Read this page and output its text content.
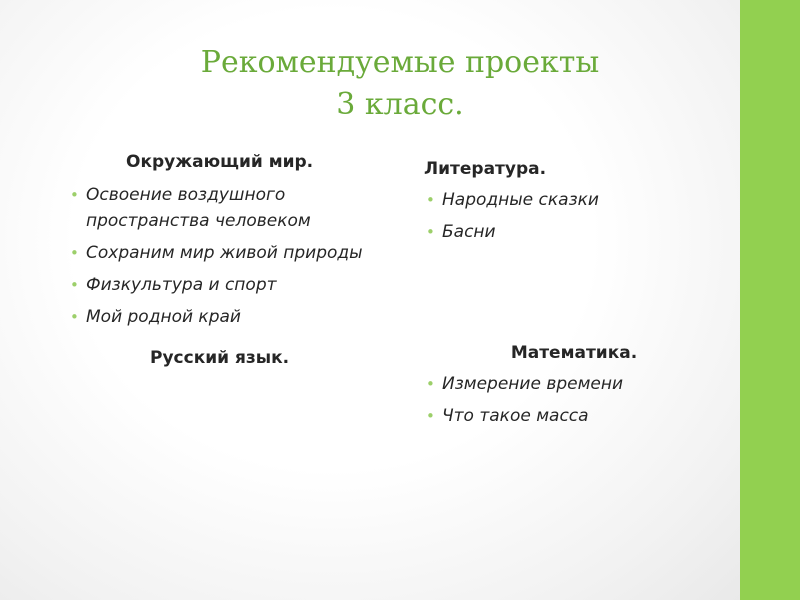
Рекомендуемые проекты
3 класс.

Окружающий мир.

• Освоение воздушного пространства человеком
• Сохраним мир живой природы
• Физкультура и спорт
• Мой родной край

Русский язык.

Литература.

• Народные сказки
• Басни

Математика.

• Измерение времени
• Что такое масса
